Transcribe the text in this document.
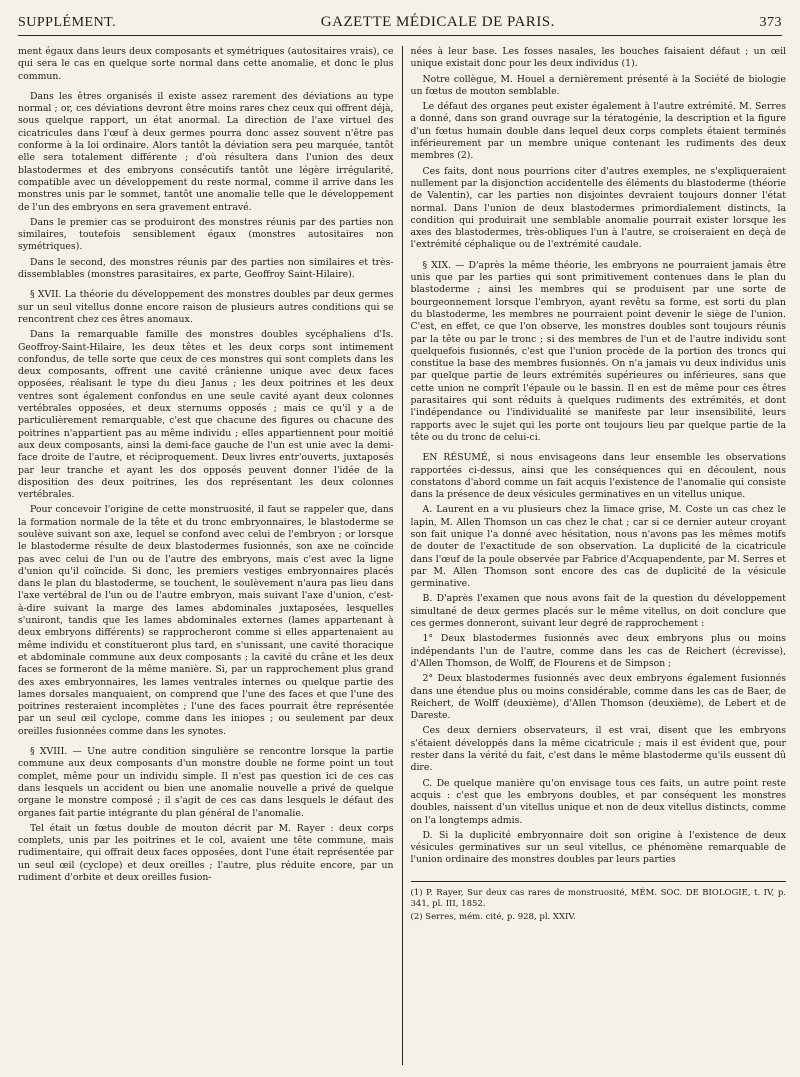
SUPPLÉMENT.	GAZETTE MÉDICALE DE PARIS.	373

ment égaux dans leurs deux composants et symétriques (autositaires vrais), ce qui sera le cas en quelque sorte normal dans cette anomalie, et donc le plus commun.

Dans les êtres organisés il existe assez rarement des déviations au type normal ; or, ces déviations devront être moins rares chez ceux qui offrent déjà, sous quelque rapport, un état anormal. La direction de l'axe virtuel des cicatricules dans l'œuf à deux germes pourra donc assez souvent n'être pas conforme à la loi ordinaire. Alors tantôt la déviation sera peu marquée, tantôt elle sera totalement différente ; d'où résultera dans l'union des deux blastodermes et des embryons consécutifs tantôt une légère irrégularité, compatible avec un développement du reste normal, comme il arrive dans les monstres unis par le sommet, tantôt une anomalie telle que le développement de l'un des embryons en sera gravement entravé.

Dans le premier cas se produiront des monstres réunis par des parties non similaires, toutefois sensiblement égaux (monstres autositaires non symétriques).

Dans le second, des monstres réunis par des parties non similaires et très-dissemblables (monstres parasitaires, ex parte, Geoffroy Saint-Hilaire).

§ XVII. La théorie du développement des monstres doubles par deux germes sur un seul vitellus donne encore raison de plusieurs autres conditions qui se rencontrent chez ces êtres anomaux.

Dans la remarquable famille des monstres doubles sycéphaliens d'Is. Geoffroy-Saint-Hilaire, les deux têtes et les deux corps sont intimement confondus, de telle sorte que ceux de ces monstres qui sont complets dans les deux composants, offrent une cavité crânienne unique avec deux faces opposées, réalisant le type du dieu Janus ; les deux poitrines et les deux ventres sont également confondus en une seule cavité ayant deux colonnes vertébrales opposées, et deux sternums opposés ; mais ce qu'il y a de particulièrement remarquable, c'est que chacune des figures ou chacune des poitrines n'appartient pas au même individu ; elles appartiennent pour moitié aux deux composants, ainsi la demi-face gauche de l'un est unie avec la demi-face droite de l'autre, et réciproquement. Deux livres entr'ouverts, juxtaposés par leur tranche et ayant les dos opposés peuvent donner l'idée de la disposition des deux poitrines, les dos représentant les deux colonnes vertébrales.

Pour concevoir l'origine de cette monstruosité, il faut se rappeler que, dans la formation normale de la tête et du tronc embryonnaires, le blastoderme se soulève suivant son axe, lequel se confond avec celui de l'embryon ; or lorsque le blastoderme résulte de deux blastodermes fusionnés, son axe ne coïncide pas avec celui de l'un ou de l'autre des embryons, mais c'est avec la ligne d'union qu'il coïncide. Si donc, les premiers vestiges embryonnaires placés dans le plan du blastoderme, se touchent, le soulèvement n'aura pas lieu dans l'axe vertébral de l'un ou de l'autre embryon, mais suivant l'axe d'union, c'est-à-dire suivant la marge des lames abdominales juxtaposées, lesquelles s'uniront, tandis que les lames abdominales externes (lames appartenant à deux embryons différents) se rapprocheront comme si elles appartenaient au même individu et constitueront plus tard, en s'unissant, une cavité thoracique et abdominale commune aux deux composants ; la cavité du crâne et les deux faces se formeront de la même manière. Si, par un rapprochement plus grand des axes embryonnaires, les lames ventrales internes ou quelque partie des lames dorsales manquaient, on comprend que l'une des faces et que l'une des poitrines resteraient incomplètes ; l'une des faces pourrait être représentée par un seul œil cyclope, comme dans les iniopes ; ou seulement par deux oreilles fusionnées comme dans les synotes.

§ XVIII. — Une autre condition singulière se rencontre lorsque la partie commune aux deux composants d'un monstre double ne forme point un tout complet, même pour un individu simple. Il n'est pas question ici de ces cas dans lesquels un accident ou bien une anomalie nouvelle a privé de quelque organe le monstre composé ; il s'agit de ces cas dans lesquels le défaut des organes fait partie intégrante du plan général de l'anomalie.

Tel était un fœtus double de mouton décrit par M. Rayer : deux corps complets, unis par les poitrines et le col, avaient une tête commune, mais rudimentaire, qui offrait deux faces opposées, dont l'une était représentée par un seul œil (cyclope) et deux oreilles ; l'autre, plus réduite encore, par un rudiment d'orbite et deux oreilles fusion-

nées à leur base. Les fosses nasales, les bouches faisaient défaut ; un œil unique existait donc pour les deux individus (1).

Notre collègue, M. Houel a dernièrement présenté à la Société de biologie un fœtus de mouton semblable.

Le défaut des organes peut exister également à l'autre extrémité. M. Serres a donné, dans son grand ouvrage sur la tératogénie, la description et la figure d'un fœtus humain double dans lequel deux corps complets étaient terminés inférieurement par un membre unique contenant les rudiments des deux membres (2).

Ces faits, dont nous pourrions citer d'autres exemples, ne s'expliqueraient nullement par la disjonction accidentelle des éléments du blastoderme (théorie de Valentin), car les parties non disjointes devraient toujours donner l'état normal. Dans l'union de deux blastodermes primordialement distincts, la condition qui produirait une semblable anomalie pourrait exister lorsque les axes des blastodermes, très-obliques l'un à l'autre, se croiseraient en deçà de l'extrémité céphalique ou de l'extrémité caudale.

§ XIX. — D'après la même théorie, les embryons ne pourraient jamais être unis que par les parties qui sont primitivement contenues dans le plan du blastoderme ; ainsi les membres qui se produisent par une sorte de bourgeonnement lorsque l'embryon, ayant revêtu sa forme, est sorti du plan du blastoderme, les membres ne pourraient point devenir le siège de l'union. C'est, en effet, ce que l'on observe, les monstres doubles sont toujours réunis par la tête ou par le tronc ; si des membres de l'un et de l'autre individu sont quelquefois fusionnés, c'est que l'union procède de la portion des troncs qui constitue la base des membres fusionnés. On n'a jamais vu deux individus unis par quelque partie de leurs extrémités supérieures ou inférieures, sans que cette union ne comprît l'épaule ou le bassin. Il en est de même pour ces êtres parasitaires qui sont réduits à quelques rudiments des extrémités, et dont l'indépendance ou l'individualité se manifeste par leur insensibilité, leurs rapports avec le sujet qui les porte ont toujours lieu par quelque partie de la tête ou du tronc de celui-ci.

EN RÉSUMÉ, si nous envisageons dans leur ensemble les observations rapportées ci-dessus, ainsi que les conséquences qui en découlent, nous constatons d'abord comme un fait acquis l'existence de l'anomalie qui consiste dans la présence de deux vésicules germinatives en un vitellus unique.

A. Laurent en a vu plusieurs chez la limace grise, M. Coste un cas chez le lapin, M. Allen Thomson un cas chez le chat ; car si ce dernier auteur croyant son fait unique l'a donné avec hésitation, nous n'avons pas les mêmes motifs de douter de l'exactitude de son observation. La duplicité de la cicatricule dans l'œuf de la poule observée par Fabrice d'Acquapendente, par M. Serres et par M. Allen Thomson sont encore des cas de duplicité de la vésicule germinative.

B. D'après l'examen que nous avons fait de la question du développement simultané de deux germes placés sur le même vitellus, on doit conclure que ces germes donneront, suivant leur degré de rapprochement :

1° Deux blastodermes fusionnés avec deux embryons plus ou moins indépendants l'un de l'autre, comme dans les cas de Reichert (écrevisse), d'Allen Thomson, de Wolff, de Flourens et de Simpson ;

2° Deux blastodermes fusionnés avec deux embryons également fusionnés dans une étendue plus ou moins considérable, comme dans les cas de Baer, de Reichert, de Wolff (deuxième), d'Allen Thomson (deuxième), de Lebert et de Dareste.

Ces deux derniers observateurs, il est vrai, disent que les embryons s'étaient développés dans la même cicatricule ; mais il est évident que, pour rester dans la vérité du fait, c'est dans le même blastoderme qu'ils eussent dû dire.

C. De quelque manière qu'on envisage tous ces faits, un autre point reste acquis : c'est que les embryons doubles, et par conséquent les monstres doubles, naissent d'un vitellus unique et non de deux vitellus distincts, comme on l'a longtemps admis.

D. Si la duplicité embryonnaire doit son origine à l'existence de deux vésicules germinatives sur un seul vitellus, ce phénomène remarquable de l'union ordinaire des monstres doubles par leurs parties

(1) P. Rayer, Sur deux cas rares de monstruosité, MÉM. SOC. DE BIOLOGIE, t. IV, p. 341, pl. III, 1852.
(2) Serres, mém. cité, p. 928, pl. XXIV.
